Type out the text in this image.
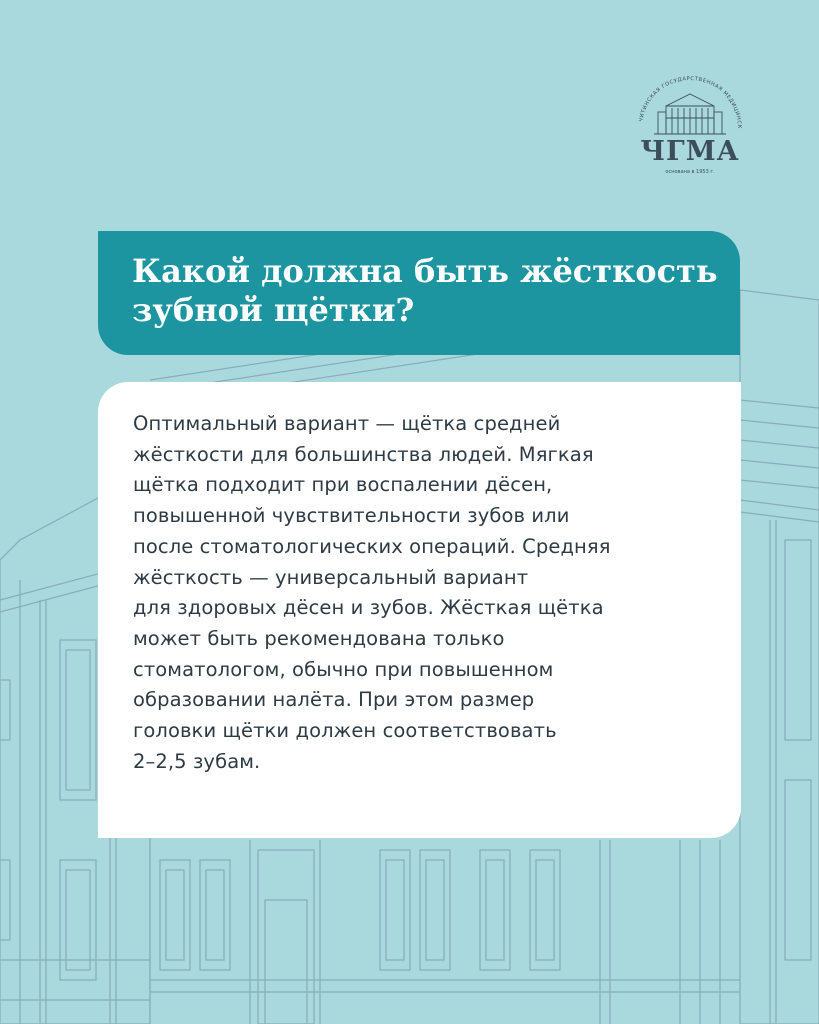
ЧИТИНСКАЯ ГОСУДАРСТВЕННАЯ МЕДИЦИНСК
ЧГМА
основана в 1953 г.
Какой должна быть жёсткость
зубной щётки?
Оптимальный вариант — щётка средней
жёсткости для большинства людей. Мягкая
щётка подходит при воспалении дёсен,
повышенной чувствительности зубов или
после стоматологических операций. Средняя
жёсткость — универсальный вариант
для здоровых дёсен и зубов. Жёсткая щётка
может быть рекомендована только
стоматологом, обычно при повышенном
образовании налёта. При этом размер
головки щётки должен соответствовать
2–2,5 зубам.
